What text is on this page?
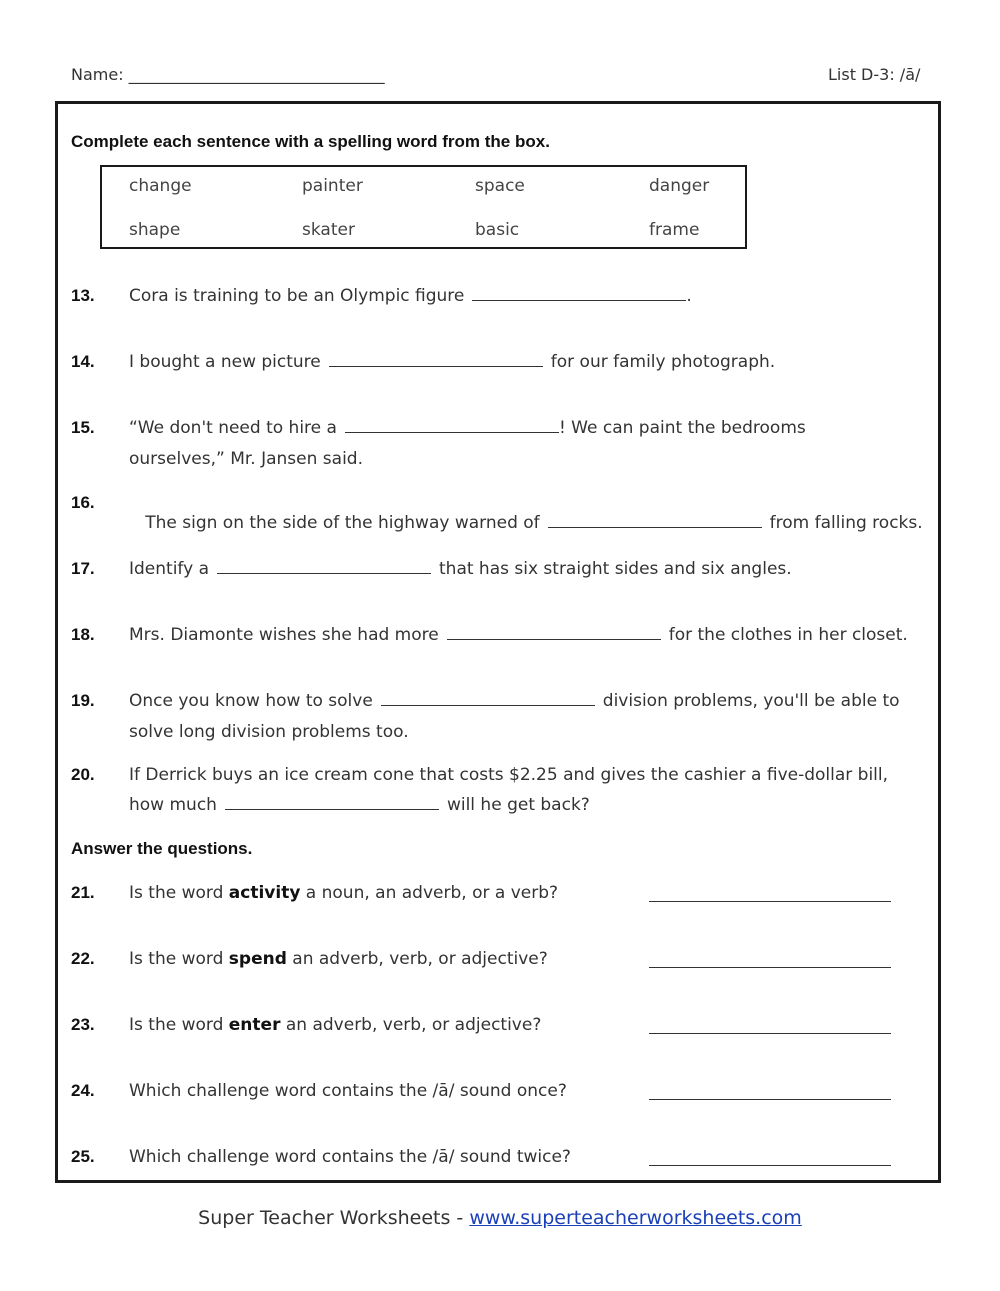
Name: ________________________________	List D-3: /ā/
Complete each sentence with a spelling word from the box.
change	painter	space	danger
shape	skater	basic	frame
13. Cora is training to be an Olympic figure	.
14. I bought a new picture	for our family photograph.
15. “We don't need to hire a	! We can paint the bedrooms
ourselves,” Mr. Jansen said.
16.

The sign on the side of the highway warned of	from falling rocks.

17. Identify a	that has six straight sides and six angles.
18. Mrs. Diamonte wishes she had more	for the clothes in her closet.
19. Once you know how to solve	division problems, you'll be able to
solve long division problems too.
20. If Derrick buys an ice cream cone that costs $2.25 and gives the cashier a five-dollar bill,
how much	will he get back?
Answer the questions.
21. Is the word activity a noun, an adverb, or a verb?
22. Is the word spend an adverb, verb, or adjective?
23. Is the word enter an adverb, verb, or adjective?
24. Which challenge word contains the /ā/ sound once?
25. Which challenge word contains the /ā/ sound twice?
Super Teacher Worksheets - www.superteacherworksheets.com
